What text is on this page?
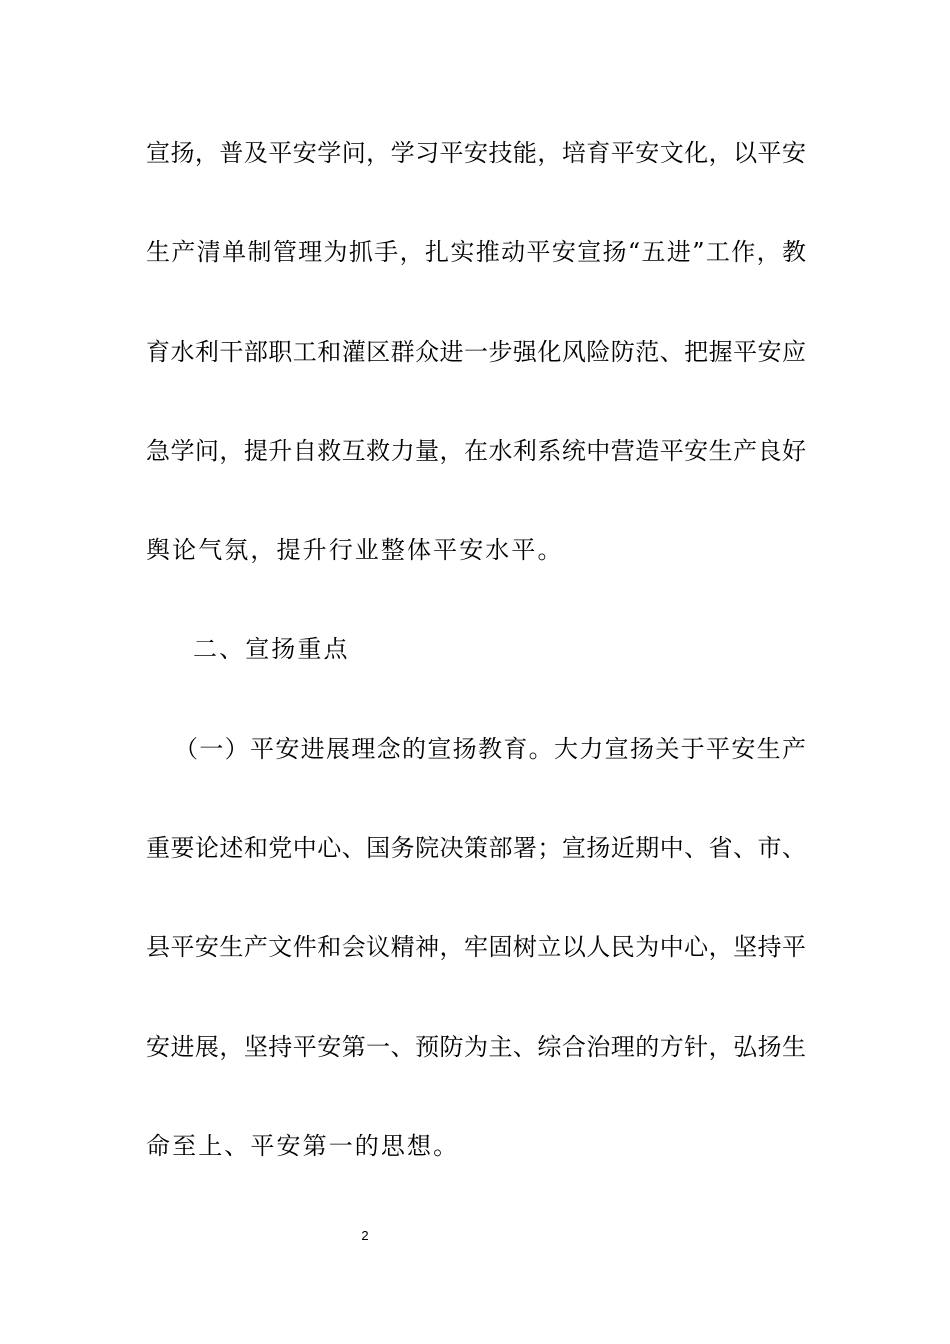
宣扬，普及平安学问，学习平安技能，培育平安文化，以平安
生产清单制管理为抓手，扎实推动平安宣扬“五进”工作，教
育水利干部职工和灌区群众进一步强化风险防范、把握平安应
急学问，提升自救互救力量，在水利系统中营造平安生产良好
舆论气氛，提升行业整体平安水平。
二、宣扬重点
（一）平安进展理念的宣扬教育。大力宣扬关于平安生产
重要论述和党中心、国务院决策部署；宣扬近期中、省、市、
县平安生产文件和会议精神，牢固树立以人民为中心，坚持平
安进展，坚持平安第一、预防为主、综合治理的方针，弘扬生
命至上、平安第一的思想。
2
